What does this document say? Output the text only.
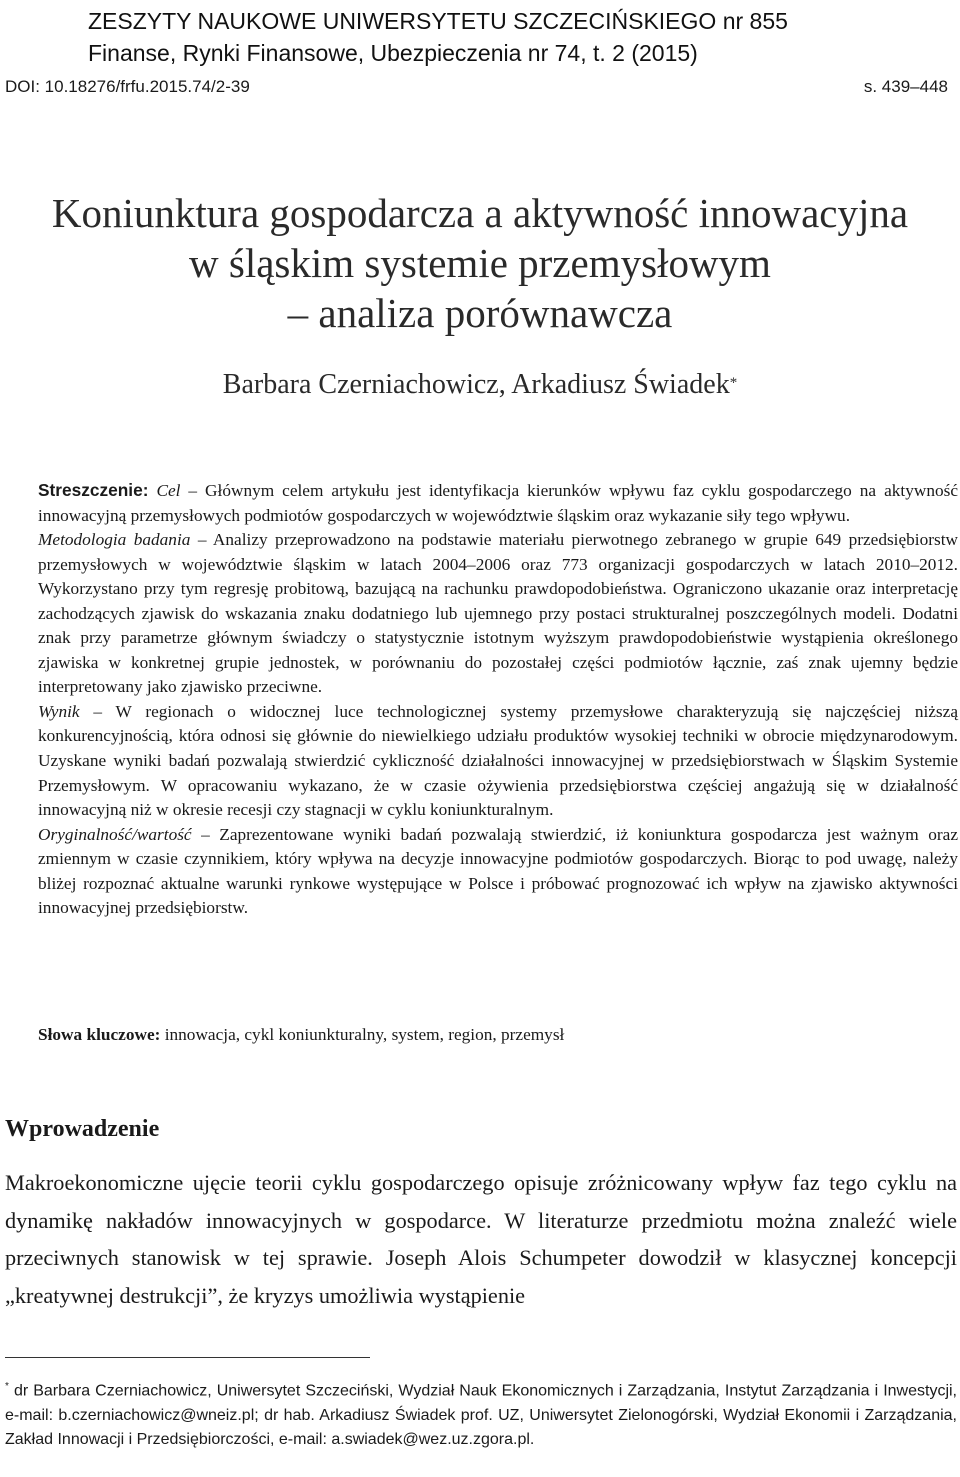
ZESZYTY NAUKOWE UNIWERSYTETU SZCZECIŃSKIEGO nr 855
Finanse, Rynki Finansowe, Ubezpieczenia nr 74, t. 2 (2015)
DOI: 10.18276/frfu.2015.74/2-39	s. 439–448
Koniunktura gospodarcza a aktywność innowacyjna
w śląskim systemie przemysłowym
– analiza porównawcza
Barbara Czerniachowicz, Arkadiusz Świadek*

Streszczenie: Cel – Głównym celem artykułu jest identyfikacja kierunków wpływu faz cyklu gospodarczego na aktywność innowacyjną przemysłowych podmiotów gospodarczych w województwie śląskim oraz wykazanie siły tego wpływu.

Metodologia badania – Analizy przeprowadzono na podstawie materiału pierwotnego zebranego w grupie 649 przedsiębiorstw przemysłowych w województwie śląskim w latach 2004–2006 oraz 773 organizacji gospodarczych w latach 2010–2012. Wykorzystano przy tym regresję probitową, bazującą na rachunku prawdopodobieństwa. Ograniczono ukazanie oraz interpretację zachodzących zjawisk do wskazania znaku dodatniego lub ujemnego przy postaci strukturalnej poszczególnych modeli. Dodatni znak przy parametrze głównym świadczy o statystycznie istotnym wyższym prawdopodobieństwie wystąpienia określonego zjawiska w konkretnej grupie jednostek, w porównaniu do pozostałej części podmiotów łącznie, zaś znak ujemny będzie interpretowany jako zjawisko przeciwne.

Wynik – W regionach o widocznej luce technologicznej systemy przemysłowe charakteryzują się najczęściej niższą konkurencyjnością, która odnosi się głównie do niewielkiego udziału produktów wysokiej techniki w obrocie międzynarodowym. Uzyskane wyniki badań pozwalają stwierdzić cykliczność działalności innowacyjnej w przedsiębiorstwach w Śląskim Systemie Przemysłowym. W opracowaniu wykazano, że w czasie ożywienia przedsiębiorstwa częściej angażują się w działalność innowacyjną niż w okresie recesji czy stagnacji w cyklu koniunkturalnym.

Oryginalność/wartość – Zaprezentowane wyniki badań pozwalają stwierdzić, iż koniunktura gospodarcza jest ważnym oraz zmiennym w czasie czynnikiem, który wpływa na decyzje innowacyjne podmiotów gospodarczych. Biorąc to pod uwagę, należy bliżej rozpoznać aktualne warunki rynkowe występujące w Polsce i próbować prognozować ich wpływ na zjawisko aktywności innowacyjnej przedsiębiorstw.

Słowa kluczowe: innowacja, cykl koniunkturalny, system, region, przemysł
Wprowadzenie

Makroekonomiczne ujęcie teorii cyklu gospodarczego opisuje zróżnicowany wpływ faz tego cyklu na dynamikę nakładów innowacyjnych w gospodarce. W literaturze przedmiotu można znaleźć wiele przeciwnych stanowisk w tej sprawie. Joseph Alois Schumpeter dowodził w klasycznej koncepcji „kreatywnej destrukcji”, że kryzys umożliwia wystąpienie

* dr Barbara Czerniachowicz, Uniwersytet Szczeciński, Wydział Nauk Ekonomicznych i Zarządzania, Instytut Zarządzania i Inwestycji, e-mail: b.czerniachowicz@wneiz.pl; dr hab. Arkadiusz Świadek prof. UZ, Uniwersytet Zielonogórski, Wydział Ekonomii i Zarządzania, Zakład Innowacji i Przedsiębiorczości, e-mail: a.swiadek@wez.uz.zgora.pl.
